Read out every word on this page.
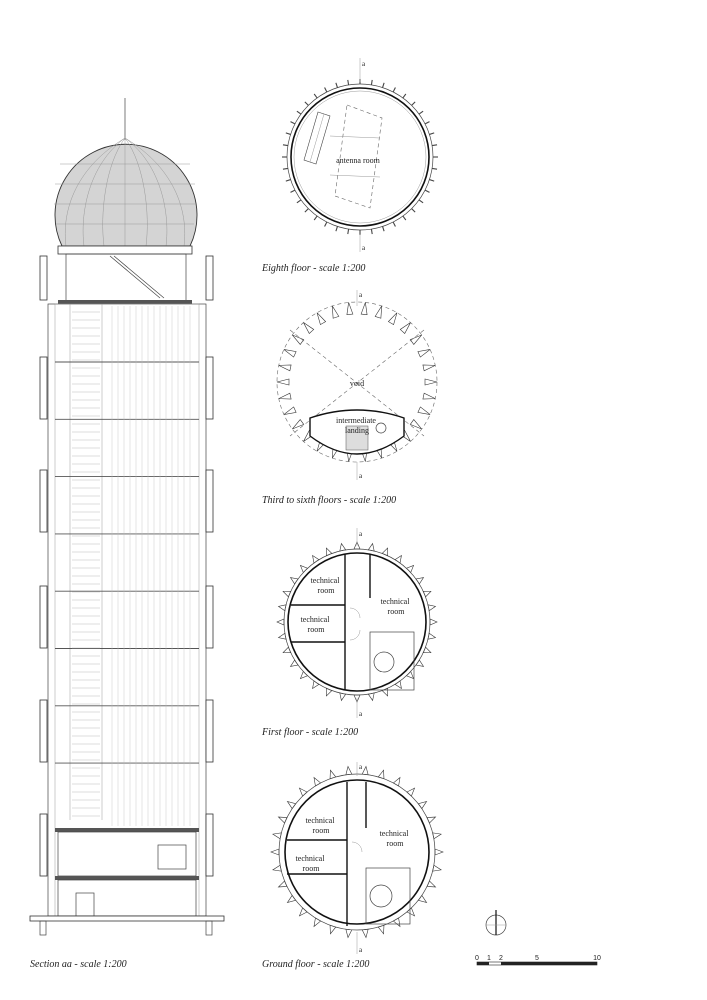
Section aa - scale 1:200
a
a
antenna room
Eighth floor - scale 1:200
a
a
void
intermediate landing
Third to sixth floors - scale 1:200
a
a
technical room
technical room
technical room
First floor - scale 1:200
a
a
technical room	technical room
technical room
Ground floor - scale 1:200
0 1 2	5	10
